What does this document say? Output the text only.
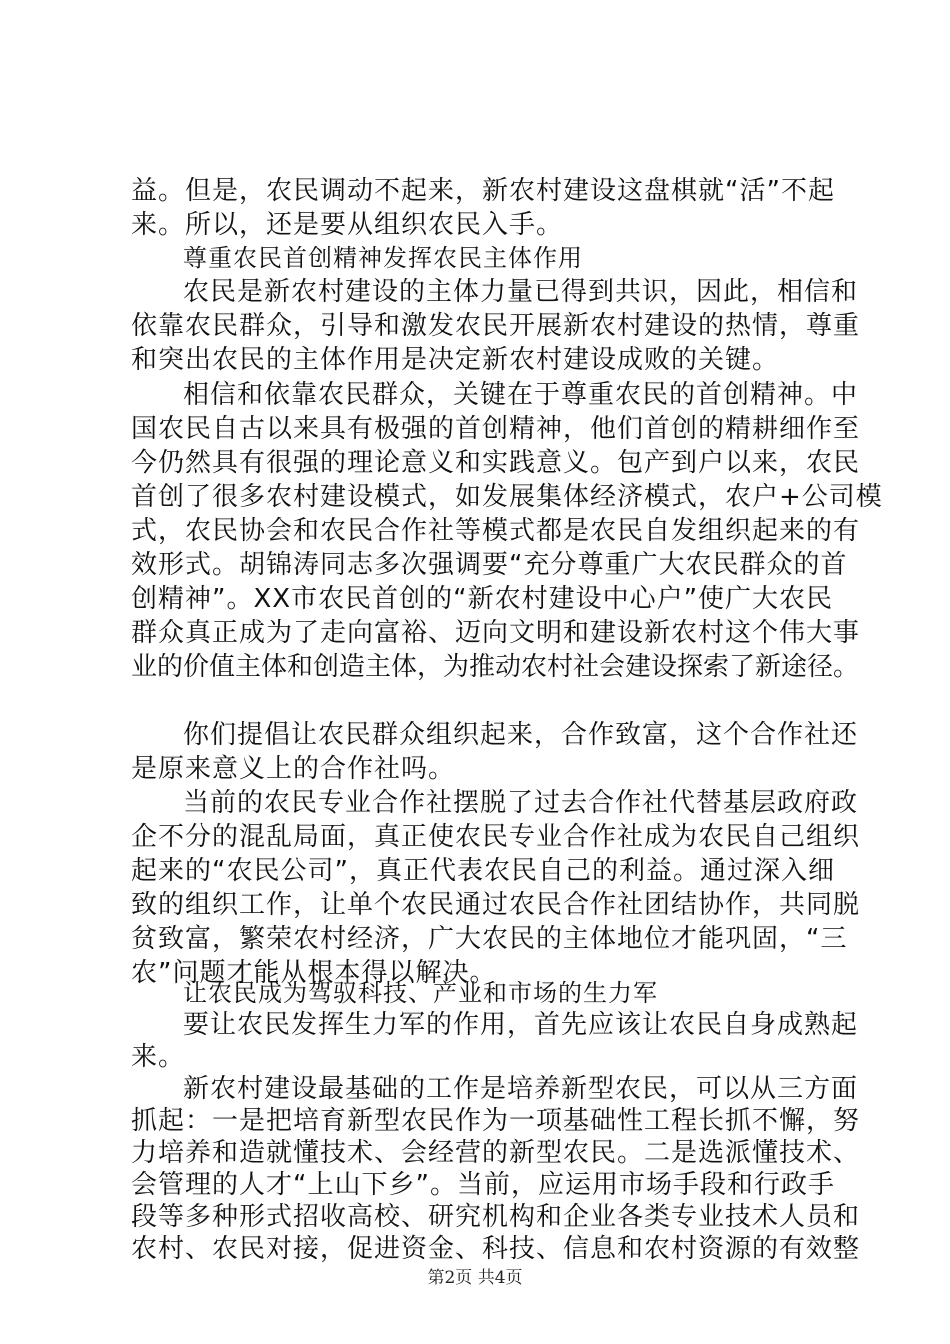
益。但是，农民调动不起来，新农村建设这盘棋就“活”不起
来。所以，还是要从组织农民入手。
尊重农民首创精神发挥农民主体作用
农民是新农村建设的主体力量已得到共识，因此，相信和
依靠农民群众，引导和激发农民开展新农村建设的热情，尊重
和突出农民的主体作用是决定新农村建设成败的关键。
相信和依靠农民群众，关键在于尊重农民的首创精神。中
国农民自古以来具有极强的首创精神，他们首创的精耕细作至
今仍然具有很强的理论意义和实践意义。包产到户以来，农民
首创了很多农村建设模式，如发展集体经济模式，农户+公司模
式，农民协会和农民合作社等模式都是农民自发组织起来的有
效形式。胡锦涛同志多次强调要“充分尊重广大农民群众的首
创精神”。XX市农民首创的“新农村建设中心户”使广大农民
群众真正成为了走向富裕、迈向文明和建设新农村这个伟大事
业的价值主体和创造主体，为推动农村社会建设探索了新途径。
你们提倡让农民群众组织起来，合作致富，这个合作社还
是原来意义上的合作社吗。
当前的农民专业合作社摆脱了过去合作社代替基层政府政
企不分的混乱局面，真正使农民专业合作社成为农民自己组织
起来的“农民公司”，真正代表农民自己的利益。通过深入细
致的组织工作，让单个农民通过农民合作社团结协作，共同脱
贫致富，繁荣农村经济，广大农民的主体地位才能巩固，“三
农”问题才能从根本得以解决。
让农民成为驾驭科技、产业和市场的生力军
要让农民发挥生力军的作用，首先应该让农民自身成熟起
来。
新农村建设最基础的工作是培养新型农民，可以从三方面
抓起：一是把培育新型农民作为一项基础性工程长抓不懈，努
力培养和造就懂技术、会经营的新型农民。二是选派懂技术、
会管理的人才“上山下乡”。当前，应运用市场手段和行政手
段等多种形式招收高校、研究机构和企业各类专业技术人员和
农村、农民对接，促进资金、科技、信息和农村资源的有效整
第2页 共4页
